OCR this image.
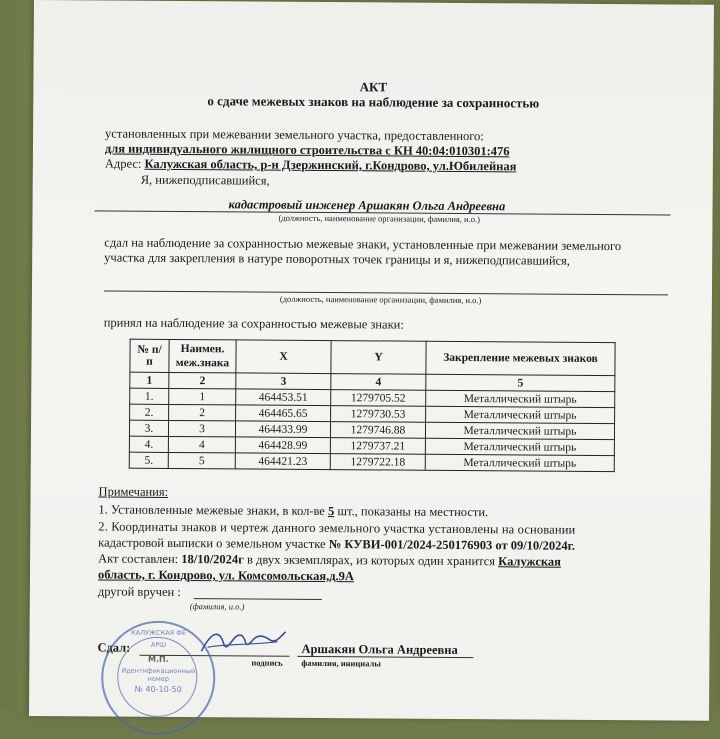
АКТ
о сдаче межевых знаков на наблюдение за сохранностью
установленных при межевании земельного участка, предоставленного:
для индивидуального жилищного строительства с КН 40:04:010301:476
Адрес: Калужская область, р-н Дзержинский, г.Кондрово, ул.Юбилейная
Я, нижеподписавшийся,
кадастровый инженер Аршакян Ольга Андреевна
(должность, наименование организации, фамилия, и.о.)
сдал на наблюдение за сохранностью межевые знаки, установленные при межевании земельного
участка для закрепления в натуре поворотных точек границы и я, нижеподписавшийся,
(должность, наименование организации, фамилия, и.о.)
принял на наблюдение за сохранностью межевые знаки:
№ п/п	Наимен. меж.знака	X	Y	Закрепление межевых знаков
1	2	3	4	5
1.	1	464453.51	1279705.52	Металлический штырь
2.	2	464465.65	1279730.53	Металлический штырь
3.	3	464433.99	1279746.88	Металлический штырь
4.	4	464428.99	1279737.21	Металлический штырь
5.	5	464421.23	1279722.18	Металлический штырь
Примечания:
1. Установленные межевые знаки, в кол-ве 5 шт., показаны на местности.
2. Координаты знаков и чертеж данного земельного участка установлены на основании
кадастровой выписки о земельном участке № КУВИ-001/2024-250176903 от 09/10/2024г.
Акт составлен: 18/10/2024г в двух экземплярах, из которых один хранится Калужская
область, г. Кондрово, ул. Комсомольская,д.9А
другой вручен :
(фамилия, и.о.)
Сдал:
подпись
Аршакян Ольга Андреевна
фамилия, инициалы
КАЛУЖСКАЯ ФЕ
АРШ
М.П.
Идентификационный
номер
№ 40-10-50
